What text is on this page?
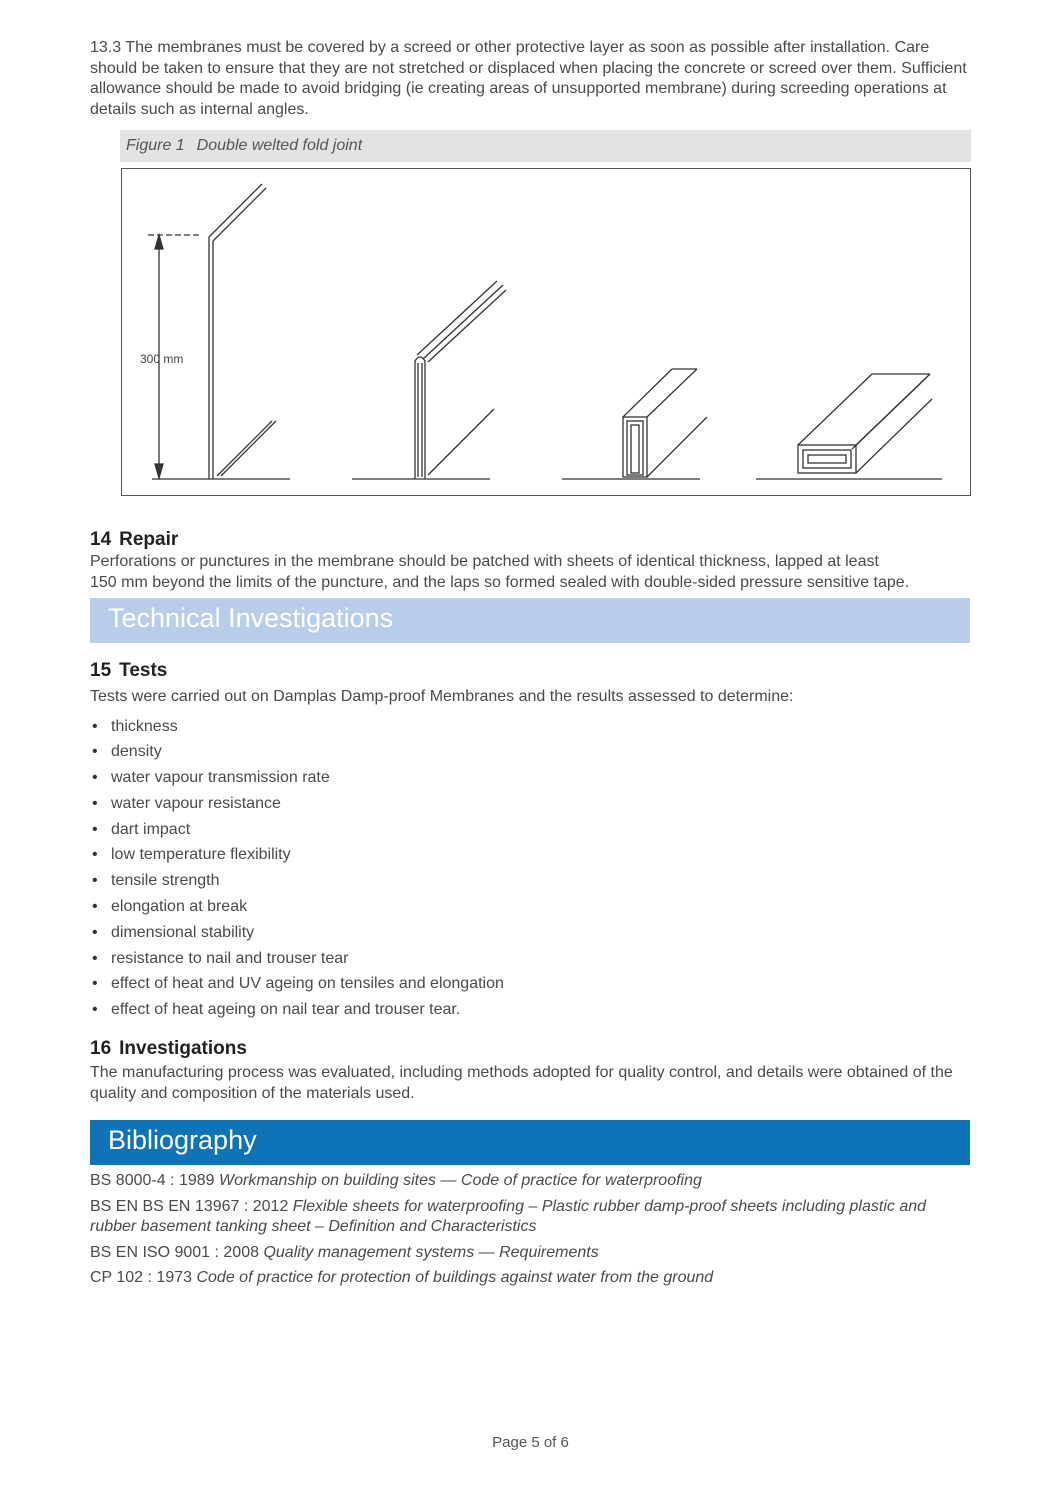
13.3 The membranes must be covered by a screed or other protective layer as soon as possible after installation. Care should be taken to ensure that they are not stretched or displaced when placing the concrete or screed over them. Sufficient allowance should be made to avoid bridging (ie creating areas of unsupported membrane) during screeding operations at details such as internal angles.

Figure 1 Double welted fold joint
300 mm
14 Repair

Perforations or punctures in the membrane should be patched with sheets of identical thickness, lapped at least

150 mm beyond the limits of the puncture, and the laps so formed sealed with double-sided pressure sensitive tape.

Technical Investigations
15 Tests

Tests were carried out on Damplas Damp-proof Membranes and the results assessed to determine:

• thickness
• density
• water vapour transmission rate
• water vapour resistance
• dart impact
• low temperature flexibility
• tensile strength
• elongation at break
• dimensional stability
• resistance to nail and trouser tear
• effect of heat and UV ageing on tensiles and elongation
• effect of heat ageing on nail tear and trouser tear.
16 Investigations

The manufacturing process was evaluated, including methods adopted for quality control, and details were obtained of the quality and composition of the materials used.

Bibliography
BS 8000-4 : 1989 Workmanship on building sites — Code of practice for waterproofing
BS EN BS EN 13967 : 2012 Flexible sheets for waterproofing – Plastic rubber damp-proof sheets including plastic and rubber basement tanking sheet – Definition and Characteristics
BS EN ISO 9001 : 2008 Quality management systems — Requirements
CP 102 : 1973 Code of practice for protection of buildings against water from the ground
Page 5 of 6
